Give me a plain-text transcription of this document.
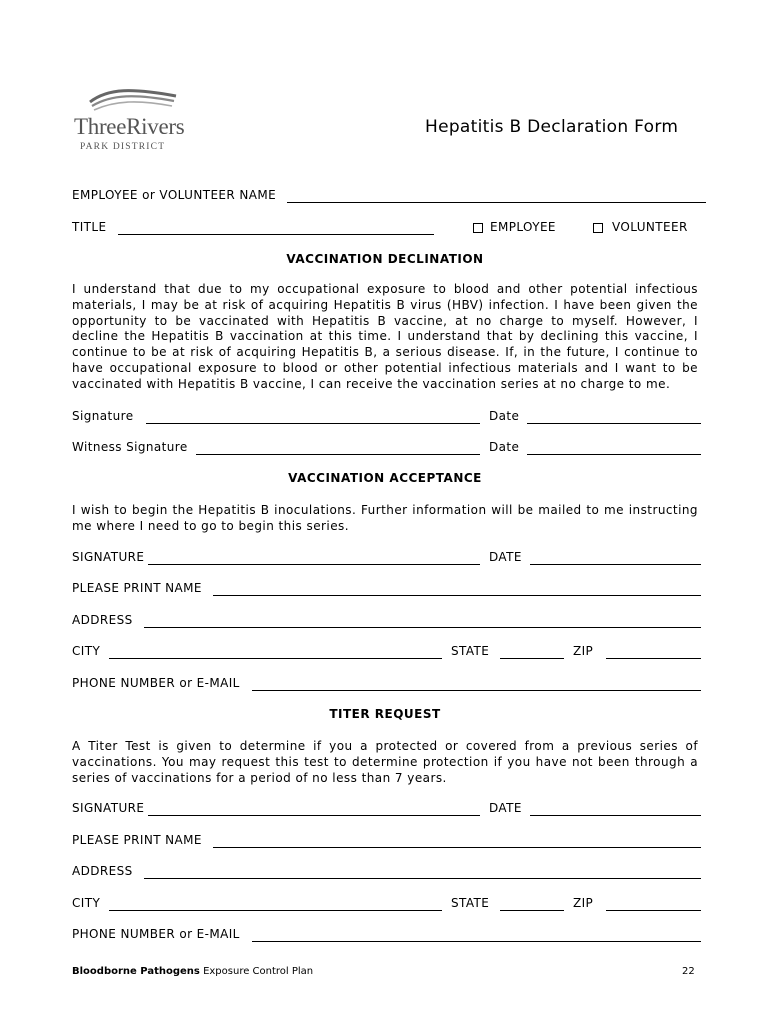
ThreeRivers
PARK DISTRICT
Hepatitis B Declaration Form
EMPLOYEE or VOLUNTEER NAME
TITLE	EMPLOYEE	VOLUNTEER
VACCINATION DECLINATION
I understand that due to my occupational exposure to blood and other potential infectious materials, I may be at risk of acquiring Hepatitis B virus (HBV) infection. I have been given the opportunity to be vaccinated with Hepatitis B vaccine, at no charge to myself. However, I decline the Hepatitis B vaccination at this time. I understand that by declining this vaccine, I continue to be at risk of acquiring Hepatitis B, a serious disease. If, in the future, I continue to have occupational exposure to blood or other potential infectious materials and I want to be vaccinated with Hepatitis B vaccine, I can receive the vaccination series at no charge to me.
Signature	Date
Witness Signature	Date
VACCINATION ACCEPTANCE
I wish to begin the Hepatitis B inoculations. Further information will be mailed to me instructing me where I need to go to begin this series.
SIGNATURE	DATE
PLEASE PRINT NAME
ADDRESS
CITY	STATE	ZIP
PHONE NUMBER or E-MAIL
TITER REQUEST
A Titer Test is given to determine if you a protected or covered from a previous series of vaccinations. You may request this test to determine protection if you have not been through a series of vaccinations for a period of no less than 7 years.
SIGNATURE	DATE
PLEASE PRINT NAME
ADDRESS
CITY	STATE	ZIP
PHONE NUMBER or E-MAIL
Bloodborne Pathogens Exposure Control Plan	22
